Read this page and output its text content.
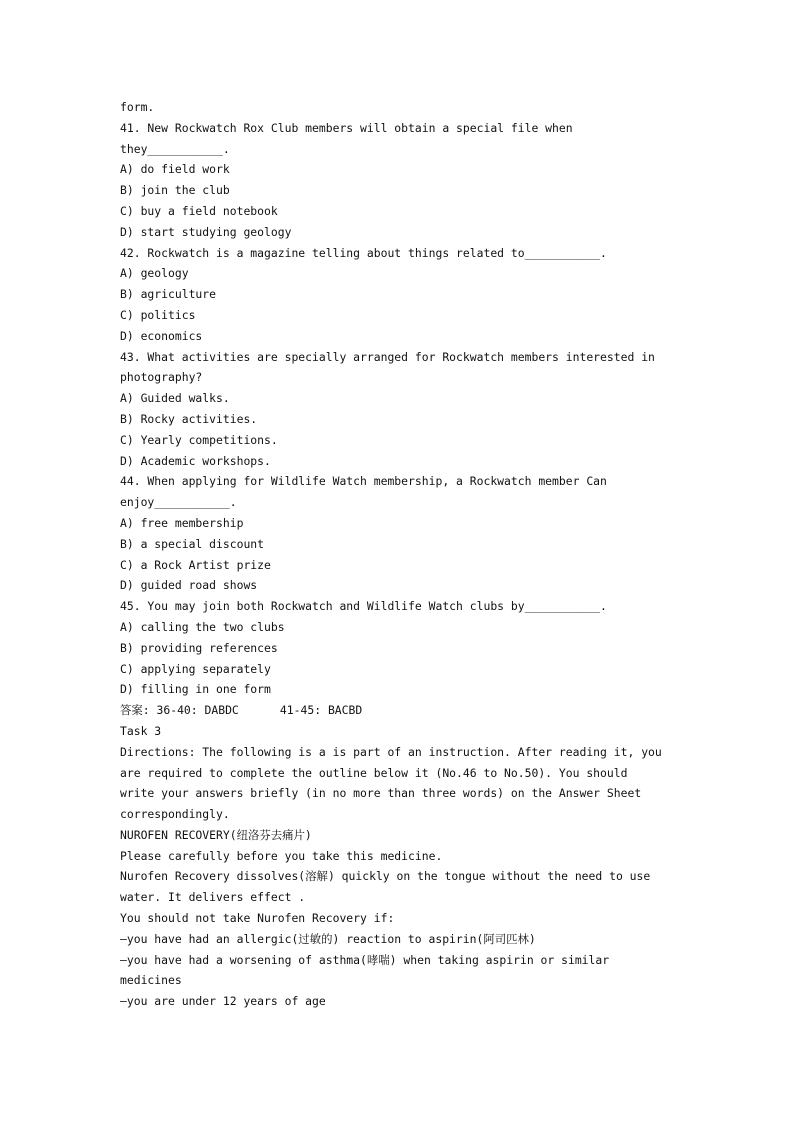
form.

41. New Rockwatch Rox Club members will obtain a special file when

they___________.

A) do field work

B) join the club

C) buy a field notebook

D) start studying geology

42. Rockwatch is a magazine telling about things related to___________.

A) geology

B) agriculture

C) politics

D) economics

43. What activities are specially arranged for Rockwatch members interested in

photography?

A) Guided walks.

B) Rocky activities.

C) Yearly competitions.

D) Academic workshops.

44. When applying for Wildlife Watch membership, a Rockwatch member Can

enjoy___________.

A) free membership

B) a special discount

C) a Rock Artist prize

D) guided road shows

45. You may join both Rockwatch and Wildlife Watch clubs by___________.

A) calling the two clubs

B) providing references

C) applying separately

D) filling in one form

答案: 36-40: DABDC      41-45: BACBD

Task 3

Directions: The following is a is part of an instruction. After reading it, you

are required to complete the outline below it (No.46 to No.50). You should

write your answers briefly (in no more than three words) on the Answer Sheet

correspondingly.

NUROFEN RECOVERY(纽洛芬去痛片)

Please carefully before you take this medicine.

Nurofen Recovery dissolves(溶解) quickly on the tongue without the need to use

water. It delivers effect .

You should not take Nurofen Recovery if:

—you have had an allergic(过敏的) reaction to aspirin(阿司匹林)

—you have had a worsening of asthma(哮喘) when taking aspirin or similar

medicines

—you are under 12 years of age
